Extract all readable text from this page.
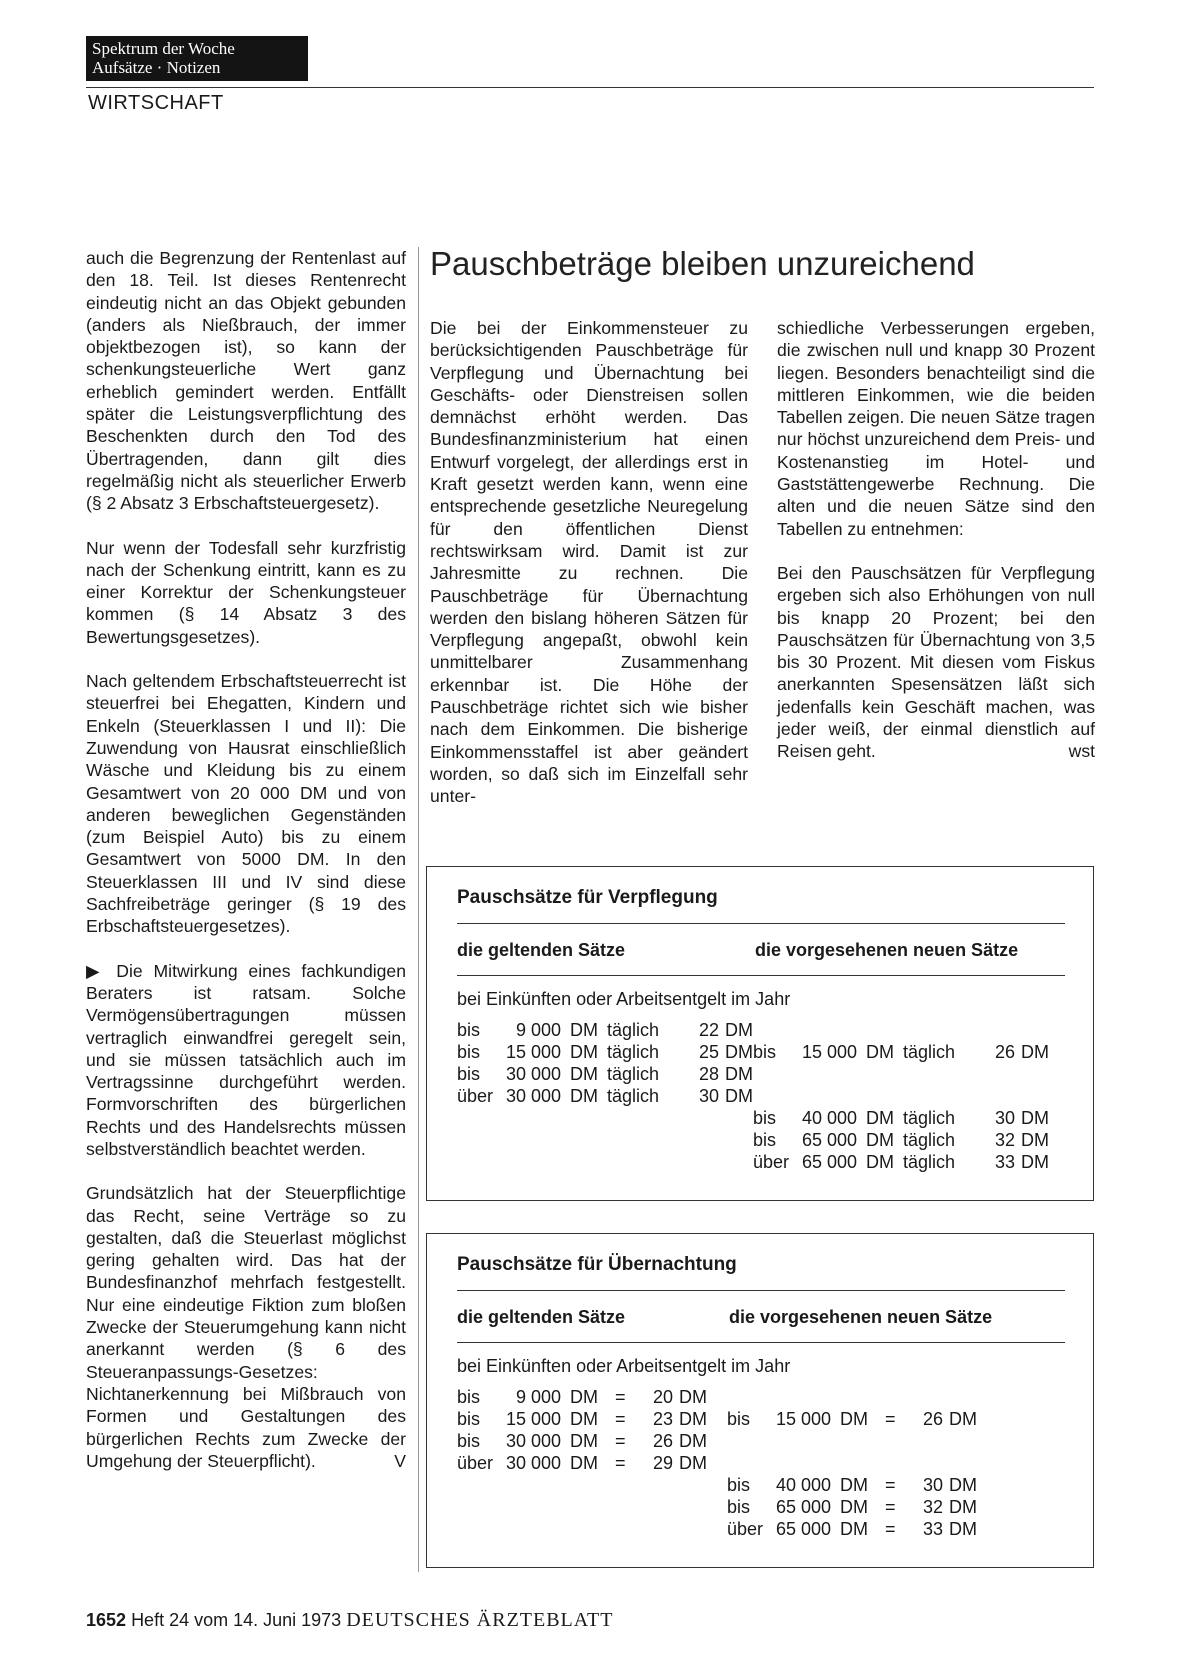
Spektrum der Woche
Aufsätze · Notizen
WIRTSCHAFT

auch die Begrenzung der Rentenlast auf den 18. Teil. Ist dieses Rentenrecht eindeutig nicht an das Objekt gebunden (anders als Nießbrauch, der immer objektbezogen ist), so kann der schenkungsteuerliche Wert ganz erheblich gemindert werden. Entfällt später die Leistungsverpflichtung des Beschenkten durch den Tod des Übertragenden, dann gilt dies regelmäßig nicht als steuerlicher Erwerb (§ 2 Absatz 3 Erbschaftsteuergesetz).

Nur wenn der Todesfall sehr kurzfristig nach der Schenkung eintritt, kann es zu einer Korrektur der Schenkungsteuer kommen (§ 14 Absatz 3 des Bewertungsgesetzes).

Nach geltendem Erbschaftsteuerrecht ist steuerfrei bei Ehegatten, Kindern und Enkeln (Steuerklassen I und II): Die Zuwendung von Hausrat einschließlich Wäsche und Kleidung bis zu einem Gesamtwert von 20 000 DM und von anderen beweglichen Gegenständen (zum Beispiel Auto) bis zu einem Gesamtwert von 5000 DM. In den Steuerklassen III und IV sind diese Sachfreibeträge geringer (§ 19 des Erbschaftsteuergesetzes).

▶ Die Mitwirkung eines fachkundigen Beraters ist ratsam. Solche Vermögensübertragungen müssen vertraglich einwandfrei geregelt sein, und sie müssen tatsächlich auch im Vertragssinne durchgeführt werden. Formvorschriften des bürgerlichen Rechts und des Handelsrechts müssen selbstverständlich beachtet werden.

Grundsätzlich hat der Steuerpflichtige das Recht, seine Verträge so zu gestalten, daß die Steuerlast möglichst gering gehalten wird. Das hat der Bundesfinanzhof mehrfach festgestellt. Nur eine eindeutige Fiktion zum bloßen Zwecke der Steuerumgehung kann nicht anerkannt werden (§ 6 des Steueranpassungs-Gesetzes: Nichtanerkennung bei Mißbrauch von Formen und Gestaltungen des bürgerlichen Rechts zum Zwecke der Umgehung der Steuerpflicht).	V

Pauschbeträge bleiben unzureichend

Die bei der Einkommensteuer zu berücksichtigenden Pauschbeträge für Verpflegung und Übernachtung bei Geschäfts- oder Dienstreisen sollen demnächst erhöht werden. Das Bundesfinanzministerium hat einen Entwurf vorgelegt, der allerdings erst in Kraft gesetzt werden kann, wenn eine entsprechende gesetzliche Neuregelung für den öffentlichen Dienst rechtswirksam wird. Damit ist zur Jahresmitte zu rechnen. Die Pauschbeträge für Übernachtung werden den bislang höheren Sätzen für Verpflegung angepaßt, obwohl kein unmittelbarer Zusammenhang erkennbar ist. Die Höhe der Pauschbeträge richtet sich wie bisher nach dem Einkommen. Die bisherige Einkommensstaffel ist aber geändert worden, so daß sich im Einzelfall sehr unter-

schiedliche Verbesserungen ergeben, die zwischen null und knapp 30 Prozent liegen. Besonders benachteiligt sind die mittleren Einkommen, wie die beiden Tabellen zeigen. Die neuen Sätze tragen nur höchst unzureichend dem Preis- und Kostenanstieg im Hotel- und Gaststättengewerbe Rechnung. Die alten und die neuen Sätze sind den Tabellen zu entnehmen:

Bei den Pauschsätzen für Verpflegung ergeben sich also Erhöhungen von null bis knapp 20 Prozent; bei den Pauschsätzen für Übernachtung von 3,5 bis 30 Prozent. Mit diesen vom Fiskus anerkannten Spesensätzen läßt sich jedenfalls kein Geschäft machen, was jeder weiß, der einmal dienstlich auf Reisen geht.	wst

Pauschsätze für Verpflegung
die geltenden Sätze	die vorgesehenen neuen Sätze
bei Einkünften oder Arbeitsentgelt im Jahr
bis 9 000 DM täglich 22 DM
bis 15 000 DM täglich 25 DM
bis 30 000 DM täglich 28 DM
über 30 000 DM täglich 30 DM
bis 15 000 DM täglich 26 DM
bis 40 000 DM täglich 30 DM
bis 65 000 DM täglich 32 DM
über 65 000 DM täglich 33 DM
Pauschsätze für Übernachtung
die geltenden Sätze	die vorgesehenen neuen Sätze
bei Einkünften oder Arbeitsentgelt im Jahr
bis 9 000 DM = 20 DM
bis 15 000 DM = 23 DM
bis 30 000 DM = 26 DM
über 30 000 DM = 29 DM
bis 15 000 DM = 26 DM
bis 40 000 DM = 30 DM
bis 65 000 DM = 32 DM
über 65 000 DM = 33 DM
1652 Heft 24 vom 14. Juni 1973 DEUTSCHES ÄRZTEBLATT
